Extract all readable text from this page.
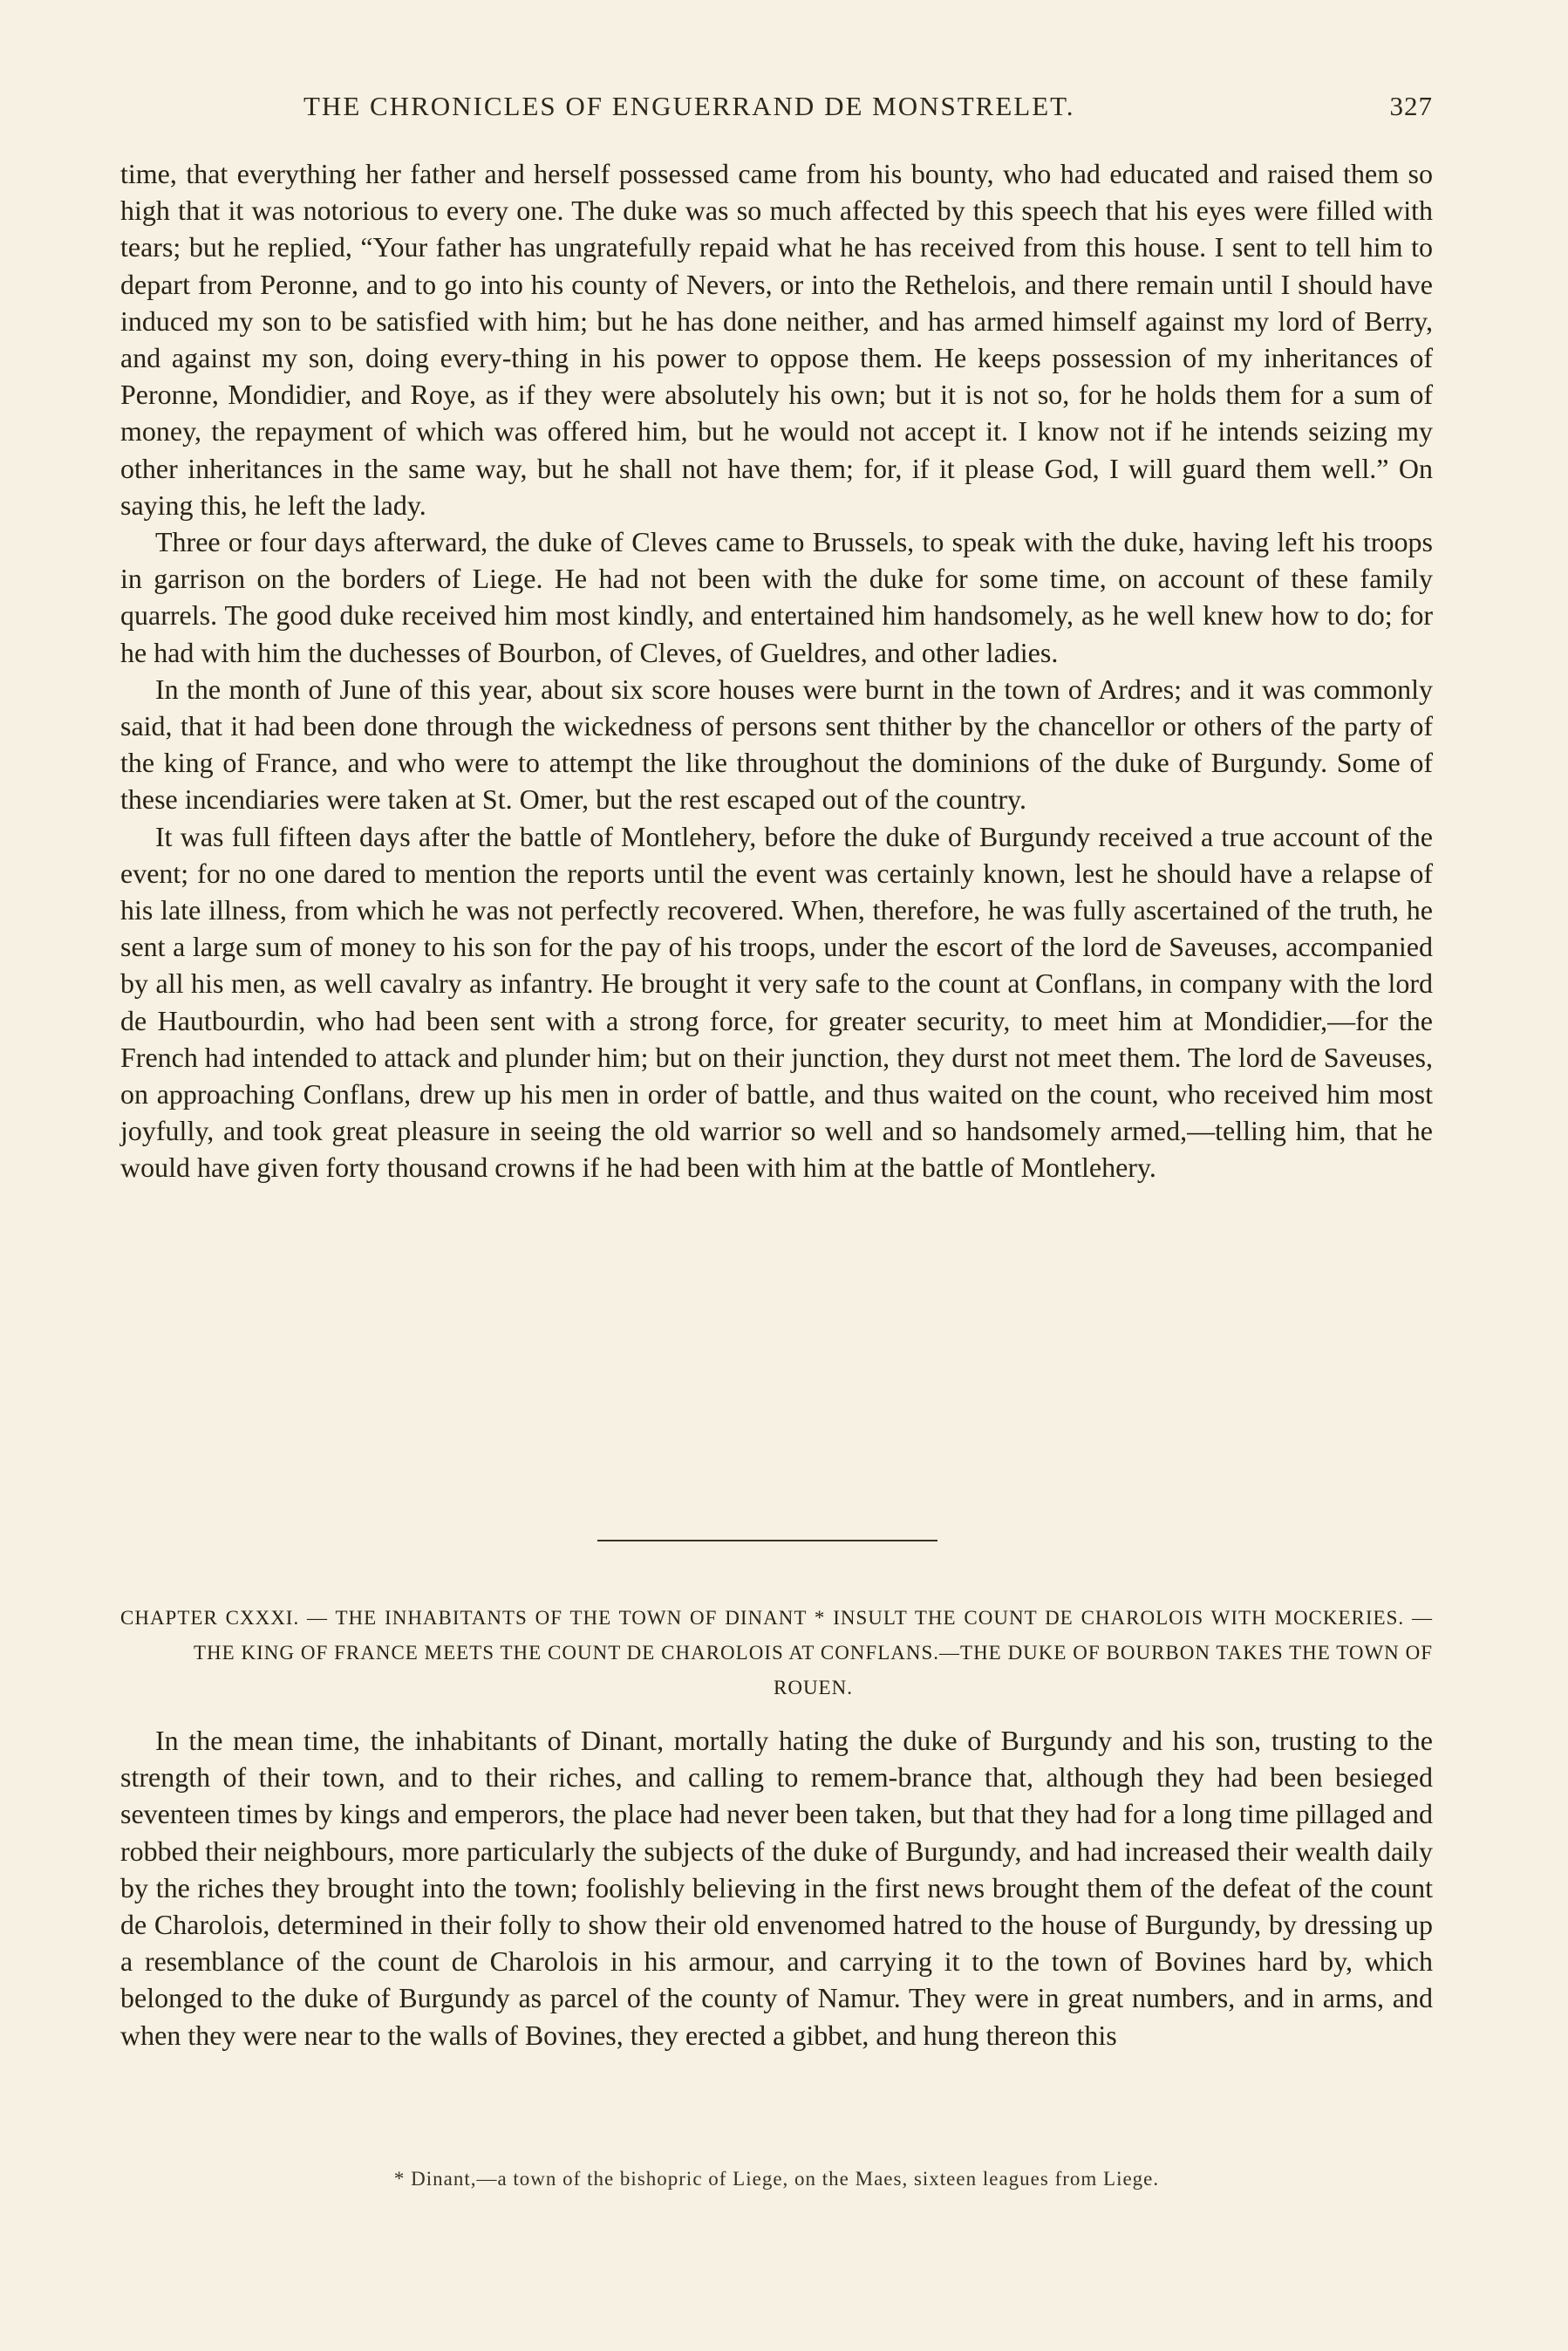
THE CHRONICLES OF ENGUERRAND DE MONSTRELET.	327

time, that everything her father and herself possessed came from his bounty, who had educated and raised them so high that it was notorious to every one. The duke was so much affected by this speech that his eyes were filled with tears; but he replied, “Your father has ungratefully repaid what he has received from this house. I sent to tell him to depart from Peronne, and to go into his county of Nevers, or into the Rethelois, and there remain until I should have induced my son to be satisfied with him; but he has done neither, and has armed himself against my lord of Berry, and against my son, doing every-thing in his power to oppose them. He keeps possession of my inheritances of Peronne, Mondidier, and Roye, as if they were absolutely his own; but it is not so, for he holds them for a sum of money, the repayment of which was offered him, but he would not accept it. I know not if he intends seizing my other inheritances in the same way, but he shall not have them; for, if it please God, I will guard them well.” On saying this, he left the lady.

Three or four days afterward, the duke of Cleves came to Brussels, to speak with the duke, having left his troops in garrison on the borders of Liege. He had not been with the duke for some time, on account of these family quarrels. The good duke received him most kindly, and entertained him handsomely, as he well knew how to do; for he had with him the duchesses of Bourbon, of Cleves, of Gueldres, and other ladies.

In the month of June of this year, about six score houses were burnt in the town of Ardres; and it was commonly said, that it had been done through the wickedness of persons sent thither by the chancellor or others of the party of the king of France, and who were to attempt the like throughout the dominions of the duke of Burgundy. Some of these incendiaries were taken at St. Omer, but the rest escaped out of the country.

It was full fifteen days after the battle of Montlehery, before the duke of Burgundy received a true account of the event; for no one dared to mention the reports until the event was certainly known, lest he should have a relapse of his late illness, from which he was not perfectly recovered. When, therefore, he was fully ascertained of the truth, he sent a large sum of money to his son for the pay of his troops, under the escort of the lord de Saveuses, accompanied by all his men, as well cavalry as infantry. He brought it very safe to the count at Conflans, in company with the lord de Hautbourdin, who had been sent with a strong force, for greater security, to meet him at Mondidier,—for the French had intended to attack and plunder him; but on their junction, they durst not meet them. The lord de Saveuses, on approaching Conflans, drew up his men in order of battle, and thus waited on the count, who received him most joyfully, and took great pleasure in seeing the old warrior so well and so handsomely armed,—telling him, that he would have given forty thousand crowns if he had been with him at the battle of Montlehery.

CHAPTER CXXXI. — THE INHABITANTS OF THE TOWN OF DINANT * INSULT THE COUNT DE CHAROLOIS WITH MOCKERIES. — THE KING OF FRANCE MEETS THE COUNT DE CHAROLOIS AT CONFLANS.—THE DUKE OF BOURBON TAKES THE TOWN OF ROUEN.

In the mean time, the inhabitants of Dinant, mortally hating the duke of Burgundy and his son, trusting to the strength of their town, and to their riches, and calling to remem-brance that, although they had been besieged seventeen times by kings and emperors, the place had never been taken, but that they had for a long time pillaged and robbed their neighbours, more particularly the subjects of the duke of Burgundy, and had increased their wealth daily by the riches they brought into the town; foolishly believing in the first news brought them of the defeat of the count de Charolois, determined in their folly to show their old envenomed hatred to the house of Burgundy, by dressing up a resemblance of the count de Charolois in his armour, and carrying it to the town of Bovines hard by, which belonged to the duke of Burgundy as parcel of the county of Namur. They were in great numbers, and in arms, and when they were near to the walls of Bovines, they erected a gibbet, and hung thereon this

* Dinant,—a town of the bishopric of Liege, on the Maes, sixteen leagues from Liege.
